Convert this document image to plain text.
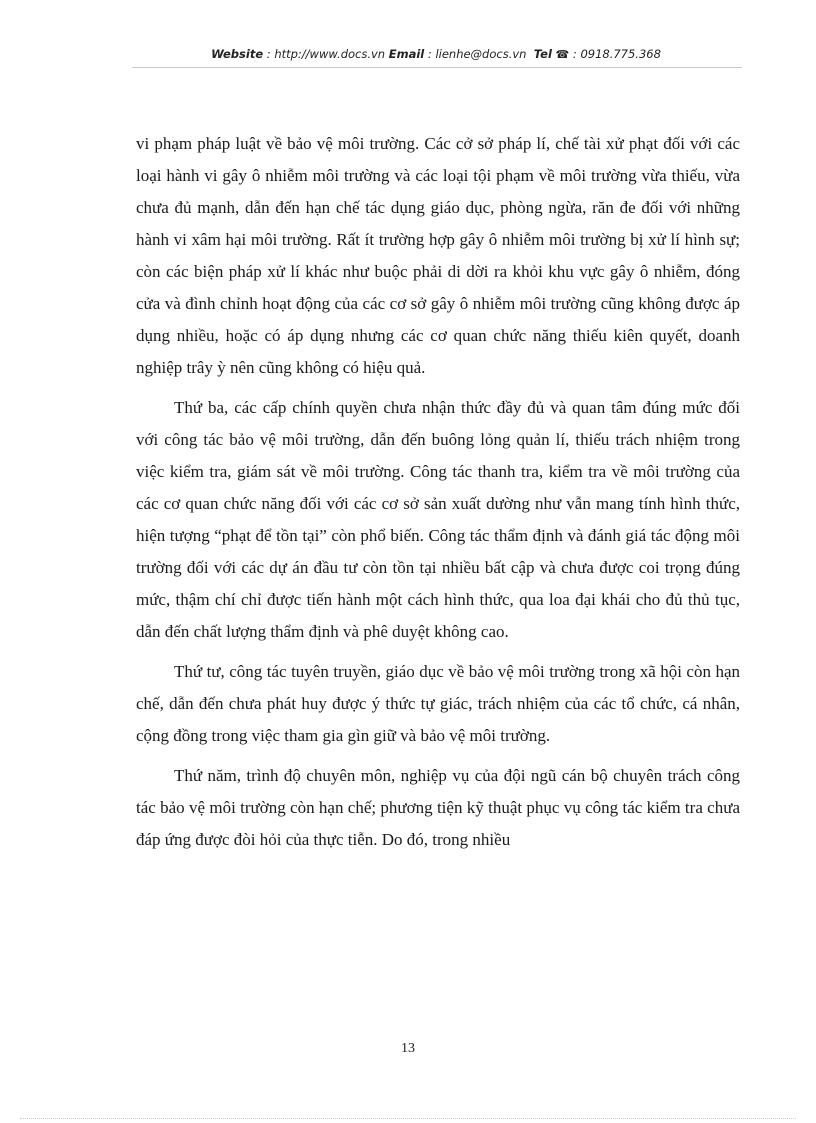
Website : http://www.docs.vn Email : lienhe@docs.vn Tel ☎ : 0918.775.368

vi phạm pháp luật về bảo vệ môi trường. Các cở sở pháp lí, chế tài xử phạt đối với các loại hành vi gây ô nhiễm môi trường và các loại tội phạm về môi trường vừa thiếu, vừa chưa đủ mạnh, dẫn đến hạn chế tác dụng giáo dục, phòng ngừa, răn đe đối với những hành vi xâm hại môi trường. Rất ít trường hợp gây ô nhiễm môi trường bị xử lí hình sự; còn các biện pháp xử lí khác như buộc phải di dời ra khỏi khu vực gây ô nhiễm, đóng cửa và đình chỉnh hoạt động của các cơ sở gây ô nhiễm môi trường cũng không được áp dụng nhiều, hoặc có áp dụng nhưng các cơ quan chức năng thiếu kiên quyết, doanh nghiệp trây ỳ nên cũng không có hiệu quả.

Thứ ba, các cấp chính quyền chưa nhận thức đầy đủ và quan tâm đúng mức đối với công tác bảo vệ môi trường, dẫn đến buông lỏng quản lí, thiếu trách nhiệm trong việc kiểm tra, giám sát về môi trường. Công tác thanh tra, kiểm tra về môi trường của các cơ quan chức năng đối với các cơ sở sản xuất dường như vẫn mang tính hình thức, hiện tượng “phạt để tồn tại” còn phổ biến. Công tác thẩm định và đánh giá tác động môi trường đối với các dự án đầu tư còn tồn tại nhiều bất cập và chưa được coi trọng đúng mức, thậm chí chỉ được tiến hành một cách hình thức, qua loa đại khái cho đủ thủ tục, dẫn đến chất lượng thẩm định và phê duyệt không cao.

Thứ tư, công tác tuyên truyền, giáo dục về bảo vệ môi trường trong xã hội còn hạn chế, dẫn đến chưa phát huy được ý thức tự giác, trách nhiệm của các tổ chức, cá nhân, cộng đồng trong việc tham gia gìn giữ và bảo vệ môi trường.

Thứ năm, trình độ chuyên môn, nghiệp vụ của đội ngũ cán bộ chuyên trách công tác bảo vệ môi trường còn hạn chế; phương tiện kỹ thuật phục vụ công tác kiểm tra chưa đáp ứng được đòi hỏi của thực tiễn. Do đó, trong nhiều

13
